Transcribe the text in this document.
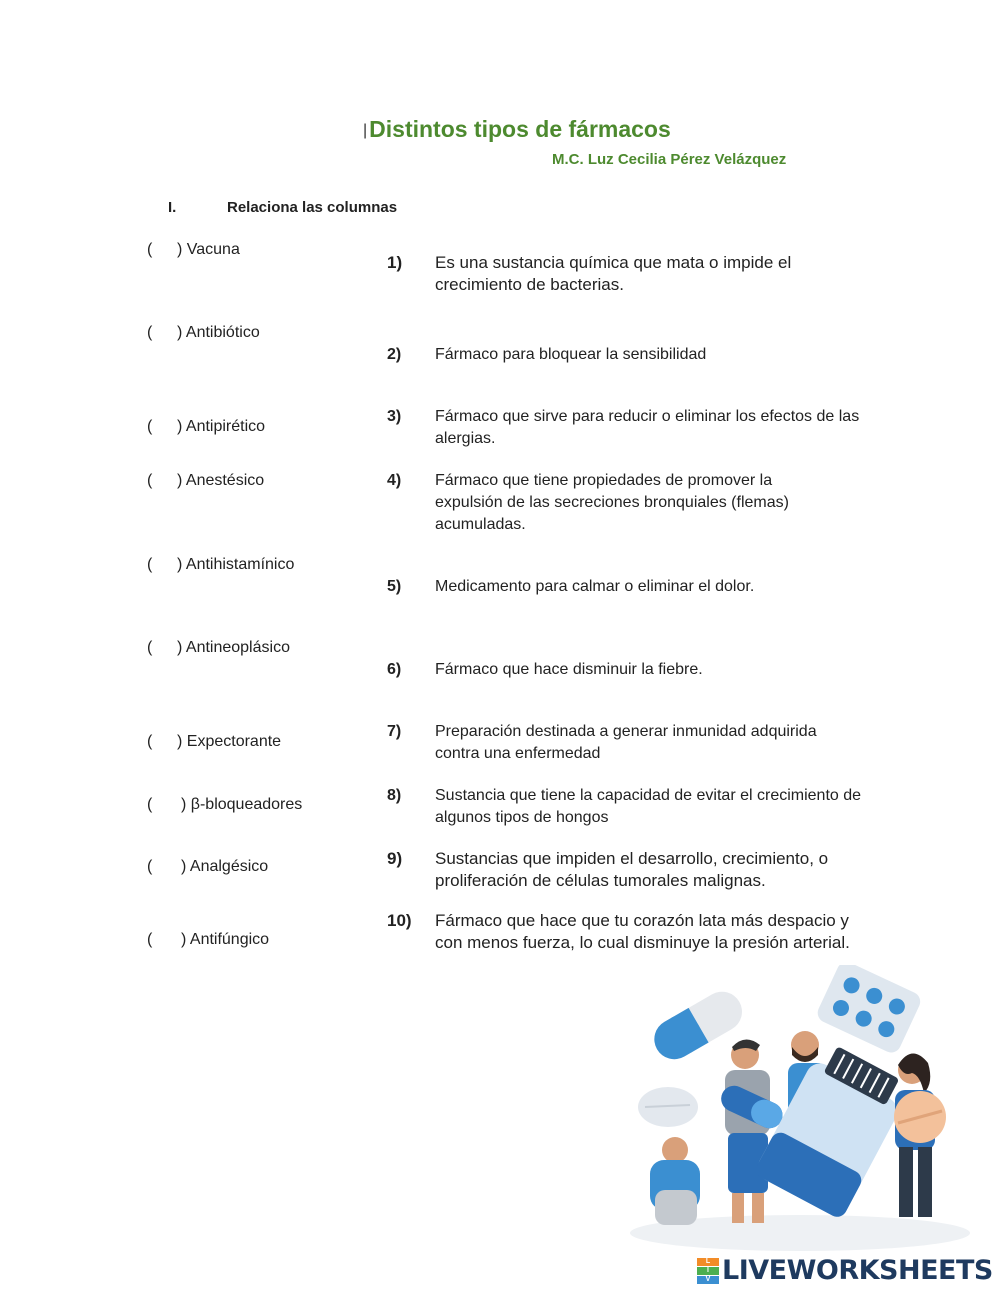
|Distintos tipos de fármacos
M.C. Luz Cecilia Pérez Velázquez
I.	Relaciona las columnas
( ) Vacuna
( ) Antibiótico
( ) Antipirético
( ) Anestésico
( ) Antihistamínico
( ) Antineoplásico
( ) Expectorante
( ) β-bloqueadores
( ) Analgésico
( ) Antifúngico
1) Es una sustancia química que mata o impide el crecimiento de bacterias.
2) Fármaco para bloquear la sensibilidad
3) Fármaco que sirve para reducir o eliminar los efectos de las alergias.
4) Fármaco que tiene propiedades de promover la expulsión de las secreciones bronquiales (flemas) acumuladas.
5) Medicamento para calmar o eliminar el dolor.
6) Fármaco que hace disminuir la fiebre.
7) Preparación destinada a generar inmunidad adquirida contra una enfermedad
8) Sustancia que tiene la capacidad de evitar el crecimiento de algunos tipos de hongos
9) Sustancias que impiden el desarrollo, crecimiento, o proliferación de células tumorales malignas.
10) Fármaco que hace que tu corazón lata más despacio y con menos fuerza, lo cual disminuye la presión arterial.
L
I
V LIVEWORKSHEETS
